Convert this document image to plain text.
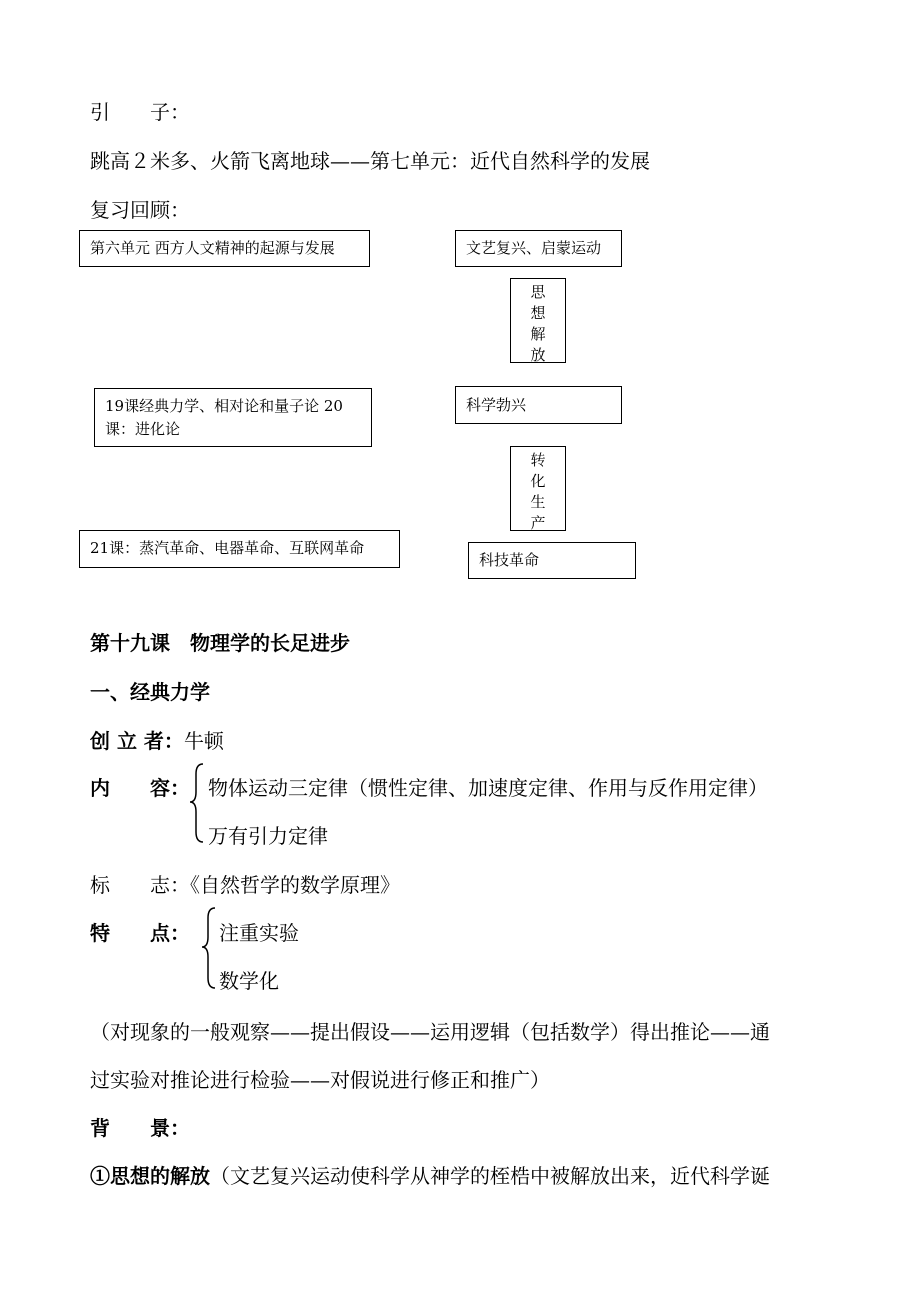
引　　子：
跳高２米多、火箭飞离地球——第七单元：近代自然科学的发展
复习回顾：
第六单元 西方人文精神的起源与发展
19课经典力学、相对论和量子论 20课：进化论
21课：蒸汽革命、电器革命、互联网革命
文艺复兴、启蒙运动
思
想
解
放
科学勃兴
转
化
生
产
科技革命
第十九课　物理学的长足进步
一、经典力学
创 立 者：牛顿
内　　容： 物体运动三定律（惯性定律、加速度定律、作用与反作用定律）
万有引力定律
标　　志：《自然哲学的数学原理》
特　　点： 注重实验
数学化
（对现象的一般观察——提出假设——运用逻辑（包括数学）得出推论——通
过实验对推论进行检验——对假说进行修正和推广）
背　　景：
①思想的解放（文艺复兴运动使科学从神学的桎梏中被解放出来，近代科学诞
